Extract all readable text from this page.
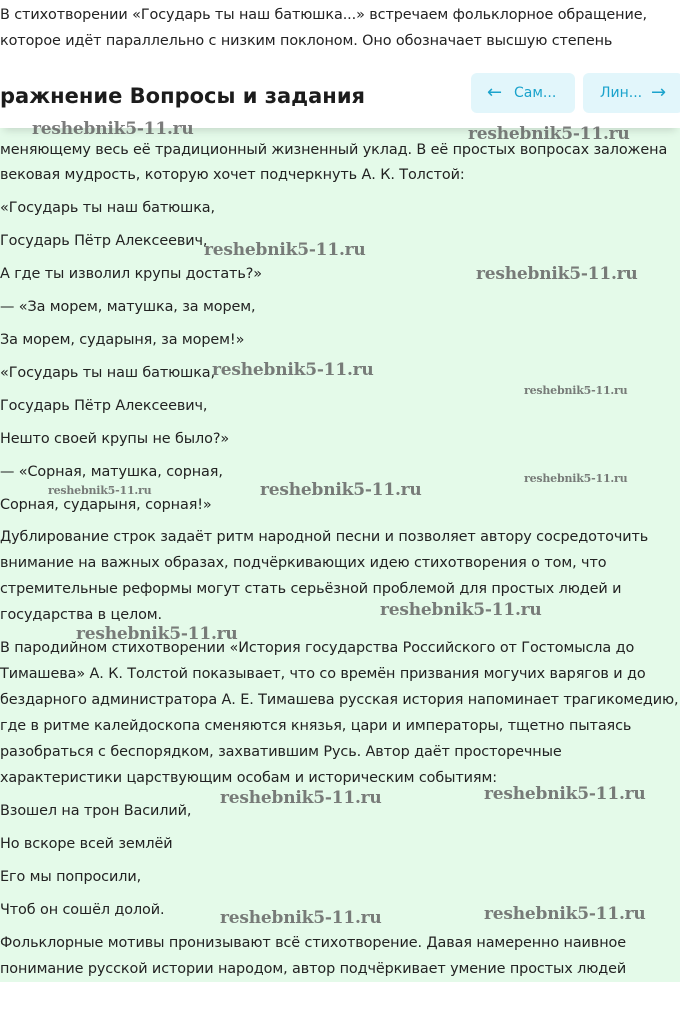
В стихотворении «Государь ты наш батюшка...» встречаем фольклорное обращение,

которое идёт параллельно с низким поклоном. Оно обозначает высшую степень

меняющему весь её традиционный жизненный уклад. В её простых вопросах заложена
вековая мудрость, которую хочет подчеркнуть А. К. Толстой:
«Государь ты наш батюшка,
Государь Пётр Алексеевич,
А где ты изволил крупы достать?»
— «За морем, матушка, за морем,
За морем, сударыня, за морем!»
«Государь ты наш батюшка,
Государь Пётр Алексеевич,
Нешто своей крупы не было?»
— «Сорная, матушка, сорная,
Сорная, сударыня, сорная!»
Дублирование строк задаёт ритм народной песни и позволяет автору сосредоточить
внимание на важных образах, подчёркивающих идею стихотворения о том, что
стремительные реформы могут стать серьёзной проблемой для простых людей и
государства в целом.
В пародийном стихотворении «История государства Российского от Гостомысла до
Тимашева» А. К. Толстой показывает, что со времён призвания могучих варягов и до
бездарного администратора А. Е. Тимашева русская история напоминает трагикомедию,
где в ритме калейдоскопа сменяются князья, цари и императоры, тщетно пытаясь
разобраться с беспорядком, захватившим Русь. Автор даёт просторечные
характеристики царствующим особам и историческим событиям:
Взошел на трон Василий,
Но вскоре всей землёй
Его мы попросили,
Чтоб он сошёл долой.
Фольклорные мотивы пронизывают всё стихотворение. Давая намеренно наивное
понимание русской истории народом, автор подчёркивает умение простых людей
ражнение Вопросы и задания	← Сам...	Лин... →
reshebnik5-11.ru	reshebnik5-11.ru
reshebnik5-11.ru
reshebnik5-11.ru
reshebnik5-11.ru
reshebnik5-11.ru
reshebnik5-11.ru
reshebnik5-11.ru	reshebnik5-11.ru
reshebnik5-11.ru
reshebnik5-11.ru
reshebnik5-11.ru	reshebnik5-11.ru
reshebnik5-11.ru	reshebnik5-11.ru
